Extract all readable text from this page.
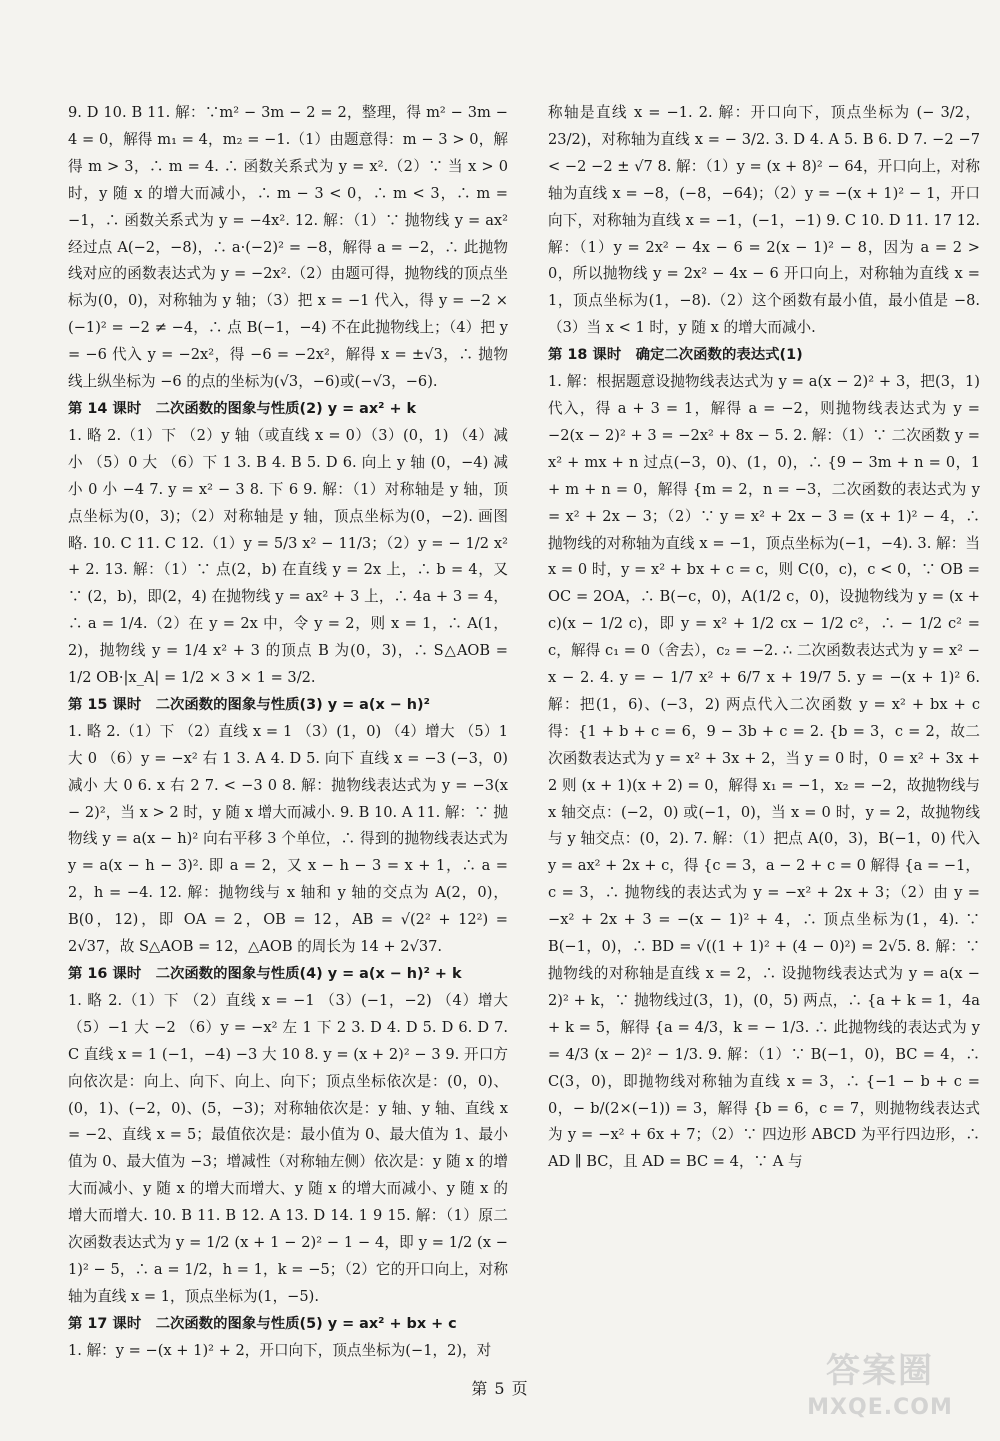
9. D 10. B 11. 解：∵m² − 3m − 2 = 2，整理，得 m² − 3m − 4 = 0，解得 m₁ = 4，m₂ = −1.（1）由题意得：m − 3 > 0，解得 m > 3，∴ m = 4. ∴ 函数关系式为 y = x².（2）∵ 当 x > 0 时，y 随 x 的增大而减小，∴ m − 3 < 0，∴ m < 3，∴ m = −1，∴ 函数关系式为 y = −4x². 12. 解：（1）∵ 抛物线 y = ax² 经过点 A(−2，−8)，∴ a·(−2)² = −8，解得 a = −2，∴ 此抛物线对应的函数表达式为 y = −2x².（2）由题可得，抛物线的顶点坐标为(0，0)，对称轴为 y 轴；（3）把 x = −1 代入，得 y = −2 × (−1)² = −2 ≠ −4，∴ 点 B(−1，−4) 不在此抛物线上；（4）把 y = −6 代入 y = −2x²，得 −6 = −2x²，解得 x = ±√3，∴ 抛物线上纵坐标为 −6 的点的坐标为(√3，−6)或(−√3，−6).

第 14 课时　二次函数的图象与性质(2) y = ax² + k

1. 略 2.（1）下 （2）y 轴（或直线 x = 0）（3）(0，1) （4）减小 （5）0 大 （6）下 1 3. B 4. B 5. D 6. 向上 y 轴 (0，−4) 减小 0 小 −4 7. y = x² − 3 8. 下 6 9. 解：（1）对称轴是 y 轴，顶点坐标为(0，3)；（2）对称轴是 y 轴，顶点坐标为(0，−2). 画图略. 10. C 11. C 12.（1）y = 5/3 x² − 11/3；（2）y = − 1/2 x² + 2. 13. 解：（1）∵ 点(2，b) 在直线 y = 2x 上，∴ b = 4，又 ∵ (2，b)，即(2，4) 在抛物线 y = ax² + 3 上，∴ 4a + 3 = 4，∴ a = 1/4.（2）在 y = 2x 中，令 y = 2，则 x = 1，∴ A(1，2)，抛物线 y = 1/4 x² + 3 的顶点 B 为(0，3)，∴ S△AOB = 1/2 OB·|x_A| = 1/2 × 3 × 1 = 3/2.

第 15 课时　二次函数的图象与性质(3) y = a(x − h)²

1. 略 2.（1）下 （2）直线 x = 1 （3）(1，0) （4）增大 （5）1 大 0 （6）y = −x² 右 1 3. A 4. D 5. 向下 直线 x = −3 (−3，0) 减小 大 0 6. x 右 2 7. < −3 0 8. 解：抛物线表达式为 y = −3(x − 2)²，当 x > 2 时，y 随 x 增大而减小. 9. B 10. A 11. 解：∵ 抛物线 y = a(x − h)² 向右平移 3 个单位，∴ 得到的抛物线表达式为 y = a(x − h − 3)². 即 a = 2，又 x − h − 3 = x + 1，∴ a = 2，h = −4. 12. 解：抛物线与 x 轴和 y 轴的交点为 A(2，0)，B(0，12)，即 OA = 2，OB = 12，AB = √(2² + 12²) = 2√37，故 S△AOB = 12，△AOB 的周长为 14 + 2√37.

第 16 课时　二次函数的图象与性质(4) y = a(x − h)² + k

1. 略 2.（1）下 （2）直线 x = −1 （3）(−1，−2) （4）增大 （5）−1 大 −2 （6）y = −x² 左 1 下 2 3. D 4. D 5. D 6. D 7. C 直线 x = 1 (−1，−4) −3 大 10 8. y = (x + 2)² − 3 9. 开口方向依次是：向上、向下、向上、向下；顶点坐标依次是：(0，0)、(0，1)、(−2，0)、(5，−3)；对称轴依次是：y 轴、y 轴、直线 x = −2、直线 x = 5；最值依次是：最小值为 0、最大值为 1、最小值为 0、最大值为 −3；增减性（对称轴左侧）依次是：y 随 x 的增大而减小、y 随 x 的增大而增大、y 随 x 的增大而减小、y 随 x 的增大而增大. 10. B 11. B 12. A 13. D 14. 1 9 15. 解：（1）原二次函数表达式为 y = 1/2 (x + 1 − 2)² − 1 − 4，即 y = 1/2 (x − 1)² − 5，∴ a = 1/2，h = 1，k = −5；（2）它的开口向上，对称轴为直线 x = 1，顶点坐标为(1，−5).

第 17 课时　二次函数的图象与性质(5) y = ax² + bx + c

1. 解：y = −(x + 1)² + 2，开口向下，顶点坐标为(−1，2)，对

称轴是直线 x = −1. 2. 解：开口向下，顶点坐标为 (− 3/2，23/2)，对称轴为直线 x = − 3/2. 3. D 4. A 5. B 6. D 7. −2 −7 < −2 −2 ± √7 8. 解：（1）y = (x + 8)² − 64，开口向上，对称轴为直线 x = −8，(−8，−64)；（2）y = −(x + 1)² − 1，开口向下，对称轴为直线 x = −1，(−1，−1) 9. C 10. D 11. 17 12. 解：（1）y = 2x² − 4x − 6 = 2(x − 1)² − 8，因为 a = 2 > 0，所以抛物线 y = 2x² − 4x − 6 开口向上，对称轴为直线 x = 1，顶点坐标为(1，−8).（2）这个函数有最小值，最小值是 −8.（3）当 x < 1 时，y 随 x 的增大而减小.

第 18 课时　确定二次函数的表达式(1)

1. 解：根据题意设抛物线表达式为 y = a(x − 2)² + 3，把(3，1) 代入，得 a + 3 = 1，解得 a = −2，则抛物线表达式为 y = −2(x − 2)² + 3 = −2x² + 8x − 5. 2. 解：（1）∵ 二次函数 y = x² + mx + n 过点(−3，0)、(1，0)，∴ {9 − 3m + n = 0，1 + m + n = 0，解得 {m = 2，n = −3，二次函数的表达式为 y = x² + 2x − 3；（2）∵ y = x² + 2x − 3 = (x + 1)² − 4，∴ 抛物线的对称轴为直线 x = −1，顶点坐标为(−1，−4). 3. 解：当 x = 0 时，y = x² + bx + c = c，则 C(0，c)，c < 0，∵ OB = OC = 2OA，∴ B(−c，0)，A(1/2 c，0)，设抛物线为 y = (x + c)(x − 1/2 c)，即 y = x² + 1/2 cx − 1/2 c²，∴ − 1/2 c² = c，解得 c₁ = 0（舍去），c₂ = −2. ∴ 二次函数表达式为 y = x² − x − 2. 4. y = − 1/7 x² + 6/7 x + 19/7 5. y = −(x + 1)² 6. 解：把(1，6)、(−3，2) 两点代入二次函数 y = x² + bx + c 得：{1 + b + c = 6，9 − 3b + c = 2. {b = 3，c = 2，故二次函数表达式为 y = x² + 3x + 2，当 y = 0 时，0 = x² + 3x + 2 则 (x + 1)(x + 2) = 0，解得 x₁ = −1，x₂ = −2，故抛物线与 x 轴交点：(−2，0) 或(−1，0)，当 x = 0 时，y = 2，故抛物线与 y 轴交点：(0，2). 7. 解：（1）把点 A(0，3)，B(−1，0) 代入 y = ax² + 2x + c，得 {c = 3，a − 2 + c = 0 解得 {a = −1，c = 3，∴ 抛物线的表达式为 y = −x² + 2x + 3；（2）由 y = −x² + 2x + 3 = −(x − 1)² + 4，∴ 顶点坐标为(1，4). ∵ B(−1，0)，∴ BD = √((1 + 1)² + (4 − 0)²) = 2√5. 8. 解：∵ 抛物线的对称轴是直线 x = 2，∴ 设抛物线表达式为 y = a(x − 2)² + k，∵ 抛物线过(3，1)，(0，5) 两点，∴ {a + k = 1，4a + k = 5，解得 {a = 4/3，k = − 1/3. ∴ 此抛物线的表达式为 y = 4/3 (x − 2)² − 1/3. 9. 解：（1）∵ B(−1，0)，BC = 4，∴ C(3，0)，即抛物线对称轴为直线 x = 3，∴ {−1 − b + c = 0，− b/(2×(−1)) = 3，解得 {b = 6，c = 7，则抛物线表达式为 y = −x² + 6x + 7；（2）∵ 四边形 ABCD 为平行四边形，∴ AD ∥ BC，且 AD = BC = 4，∵ A 与

第 5 页	答案圈
MXQE.COM
